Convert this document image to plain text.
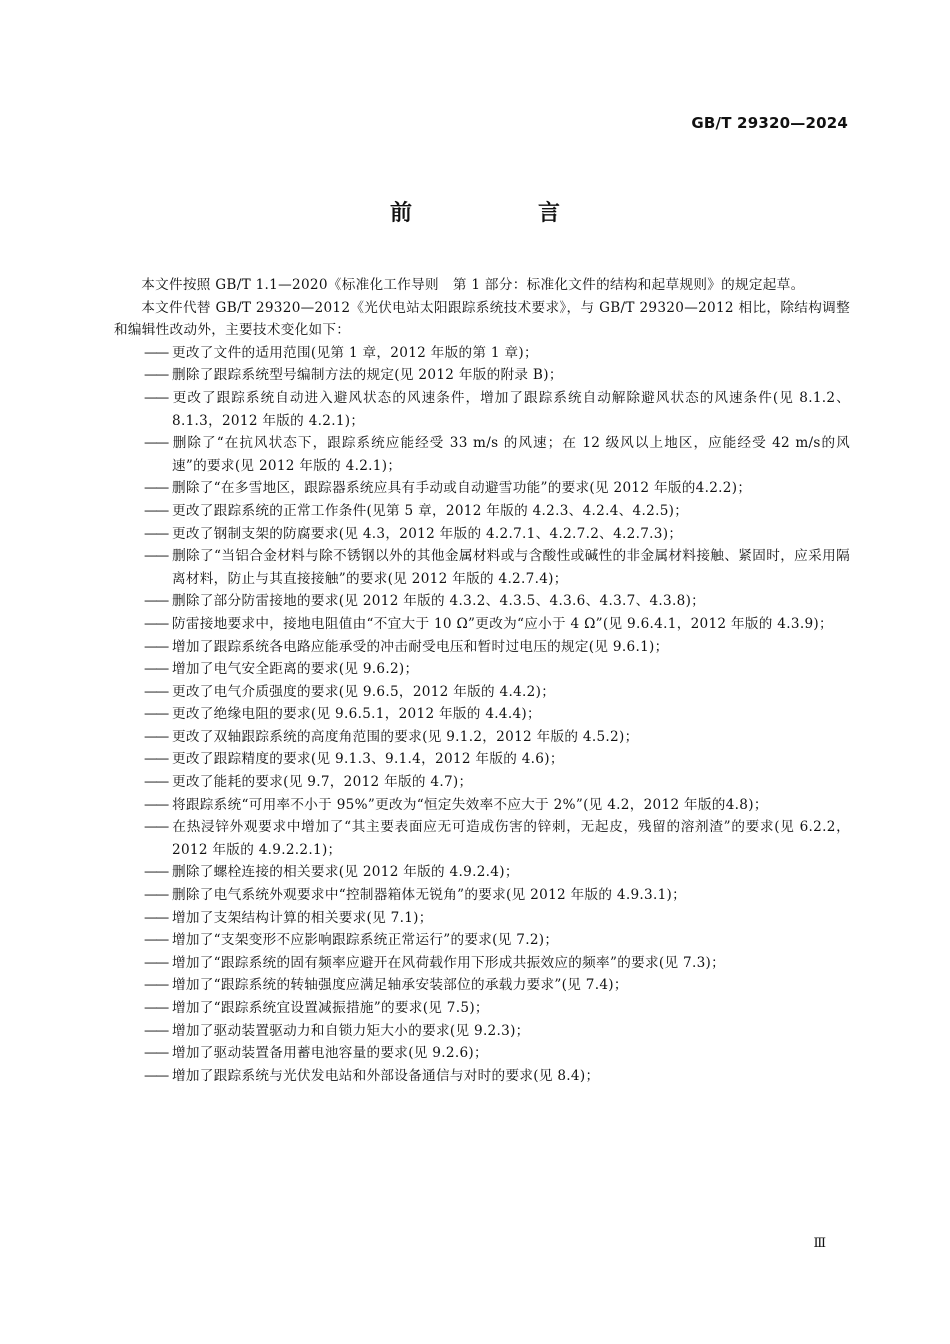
GB/T 29320—2024
前　言

本文件按照 GB/T 1.1—2020《标准化工作导则　第 1 部分：标准化文件的结构和起草规则》的规定起草。

本文件代替 GB/T 29320—2012《光伏电站太阳跟踪系统技术要求》，与 GB/T 29320—2012 相比，除结构调整和编辑性改动外，主要技术变化如下：

—— 更改了文件的适用范围(见第 1 章，2012 年版的第 1 章)；
—— 删除了跟踪系统型号编制方法的规定(见 2012 年版的附录 B)；
—— 更改了跟踪系统自动进入避风状态的风速条件，增加了跟踪系统自动解除避风状态的风速条件(见 8.1.2、8.1.3，2012 年版的 4.2.1)；
—— 删除了“在抗风状态下，跟踪系统应能经受 33 m/s 的风速；在 12 级风以上地区，应能经受 42 m/s的风速”的要求(见 2012 年版的 4.2.1)；
—— 删除了“在多雪地区，跟踪器系统应具有手动或自动避雪功能”的要求(见 2012 年版的4.2.2)；
—— 更改了跟踪系统的正常工作条件(见第 5 章，2012 年版的 4.2.3、4.2.4、4.2.5)；
—— 更改了钢制支架的防腐要求(见 4.3，2012 年版的 4.2.7.1、4.2.7.2、4.2.7.3)；
—— 删除了“当铝合金材料与除不锈钢以外的其他金属材料或与含酸性或碱性的非金属材料接触、紧固时，应采用隔离材料，防止与其直接接触”的要求(见 2012 年版的 4.2.7.4)；
—— 删除了部分防雷接地的要求(见 2012 年版的 4.3.2、4.3.5、4.3.6、4.3.7、4.3.8)；
—— 防雷接地要求中，接地电阻值由“不宜大于 10 Ω”更改为“应小于 4 Ω”(见 9.6.4.1，2012 年版的 4.3.9)；
—— 增加了跟踪系统各电路应能承受的冲击耐受电压和暂时过电压的规定(见 9.6.1)；
—— 增加了电气安全距离的要求(见 9.6.2)；
—— 更改了电气介质强度的要求(见 9.6.5，2012 年版的 4.4.2)；
—— 更改了绝缘电阻的要求(见 9.6.5.1，2012 年版的 4.4.4)；
—— 更改了双轴跟踪系统的高度角范围的要求(见 9.1.2，2012 年版的 4.5.2)；
—— 更改了跟踪精度的要求(见 9.1.3、9.1.4，2012 年版的 4.6)；
—— 更改了能耗的要求(见 9.7，2012 年版的 4.7)；
—— 将跟踪系统“可用率不小于 95%”更改为“恒定失效率不应大于 2%”(见 4.2，2012 年版的4.8)；
—— 在热浸锌外观要求中增加了“其主要表面应无可造成伤害的锌刺，无起皮，残留的溶剂渣”的要求(见 6.2.2，2012 年版的 4.9.2.2.1)；
—— 删除了螺栓连接的相关要求(见 2012 年版的 4.9.2.4)；
—— 删除了电气系统外观要求中“控制器箱体无锐角”的要求(见 2012 年版的 4.9.3.1)；
—— 增加了支架结构计算的相关要求(见 7.1)；
—— 增加了“支架变形不应影响跟踪系统正常运行”的要求(见 7.2)；
—— 增加了“跟踪系统的固有频率应避开在风荷载作用下形成共振效应的频率”的要求(见 7.3)；
—— 增加了“跟踪系统的转轴强度应满足轴承安装部位的承载力要求”(见 7.4)；
—— 增加了“跟踪系统宜设置减振措施”的要求(见 7.5)；
—— 增加了驱动装置驱动力和自锁力矩大小的要求(见 9.2.3)；
—— 增加了驱动装置备用蓄电池容量的要求(见 9.2.6)；
—— 增加了跟踪系统与光伏发电站和外部设备通信与对时的要求(见 8.4)；
Ⅲ
